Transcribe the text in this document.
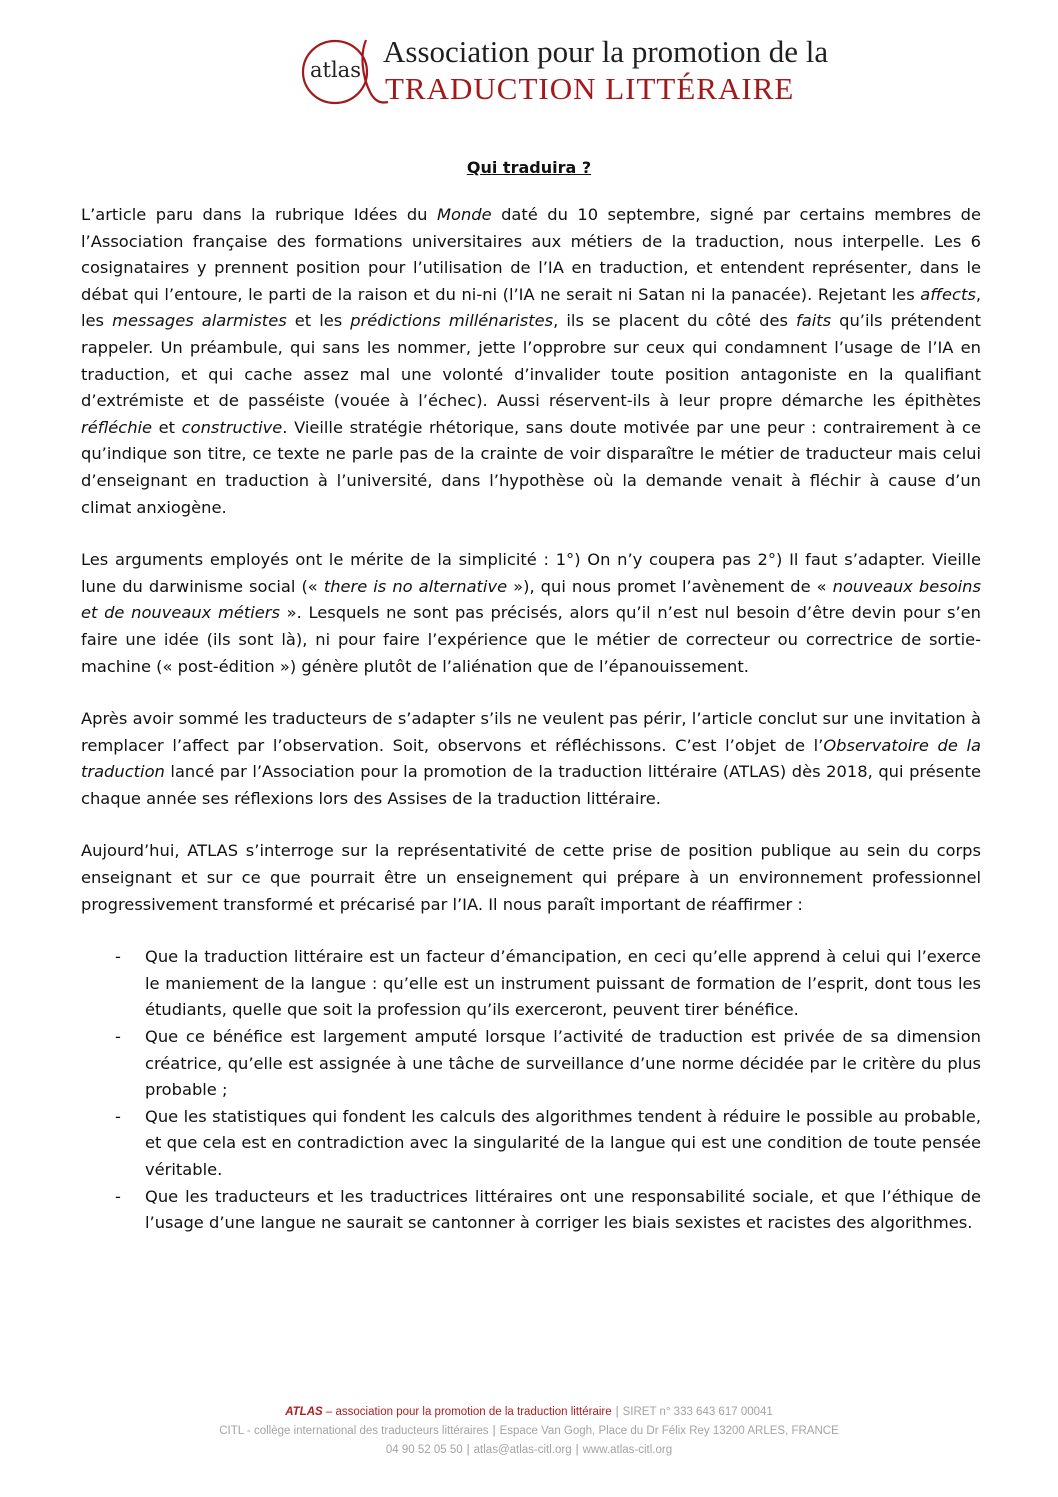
atlas
Association pour la promotion de la
TRADUCTION LITTÉRAIRE
Qui traduira ?

L’article paru dans la rubrique Idées du Monde daté du 10 septembre, signé par certains membres de l’Association française des formations universitaires aux métiers de la traduction, nous interpelle. Les 6 cosignataires y prennent position pour l’utilisation de l’IA en traduction, et entendent représenter, dans le débat qui l’entoure, le parti de la raison et du ni-ni (l’IA ne serait ni Satan ni la panacée). Rejetant les affects, les messages alarmistes et les prédictions millénaristes, ils se placent du côté des faits qu’ils prétendent rappeler. Un préambule, qui sans les nommer, jette l’opprobre sur ceux qui condamnent l’usage de l’IA en traduction, et qui cache assez mal une volonté d’invalider toute position antagoniste en la qualifiant d’extrémiste et de passéiste (vouée à l’échec). Aussi réservent-ils à leur propre démarche les épithètes réfléchie et constructive. Vieille stratégie rhétorique, sans doute motivée par une peur : contrairement à ce qu’indique son titre, ce texte ne parle pas de la crainte de voir disparaître le métier de traducteur mais celui d’enseignant en traduction à l’université, dans l’hypothèse où la demande venait à fléchir à cause d’un climat anxiogène.

Les arguments employés ont le mérite de la simplicité : 1°) On n’y coupera pas 2°) Il faut s’adapter. Vieille lune du darwinisme social (« there is no alternative »), qui nous promet l’avènement de « nouveaux besoins et de nouveaux métiers ». Lesquels ne sont pas précisés, alors qu’il n’est nul besoin d’être devin pour s’en faire une idée (ils sont là), ni pour faire l’expérience que le métier de correcteur ou correctrice de sortie-machine (« post-édition ») génère plutôt de l’aliénation que de l’épanouissement.

Après avoir sommé les traducteurs de s’adapter s’ils ne veulent pas périr, l’article conclut sur une invitation à remplacer l’affect par l’observation. Soit, observons et réfléchissons. C’est l’objet de l’Observatoire de la traduction lancé par l’Association pour la promotion de la traduction littéraire (ATLAS) dès 2018, qui présente chaque année ses réflexions lors des Assises de la traduction littéraire.

Aujourd’hui, ATLAS s’interroge sur la représentativité de cette prise de position publique au sein du corps enseignant et sur ce que pourrait être un enseignement qui prépare à un environnement professionnel progressivement transformé et précarisé par l’IA. Il nous paraît important de réaffirmer :

- Que la traduction littéraire est un facteur d’émancipation, en ceci qu’elle apprend à celui qui l’exerce le maniement de la langue : qu’elle est un instrument puissant de formation de l’esprit, dont tous les étudiants, quelle que soit la profession qu’ils exerceront, peuvent tirer bénéfice.
- Que ce bénéfice est largement amputé lorsque l’activité de traduction est privée de sa dimension créatrice, qu’elle est assignée à une tâche de surveillance d’une norme décidée par le critère du plus probable ;
- Que les statistiques qui fondent les calculs des algorithmes tendent à réduire le possible au probable, et que cela est en contradiction avec la singularité de la langue qui est une condition de toute pensée véritable.
- Que les traducteurs et les traductrices littéraires ont une responsabilité sociale, et que l’éthique de l’usage d’une langue ne saurait se cantonner à corriger les biais sexistes et racistes des algorithmes.
ATLAS – association pour la promotion de la traduction littéraire | SIRET n° 333 643 617 00041
CITL - collège international des traducteurs littéraires | Espace Van Gogh, Place du Dr Félix Rey 13200 ARLES, FRANCE
04 90 52 05 50 | atlas@atlas-citl.org | www.atlas-citl.org
